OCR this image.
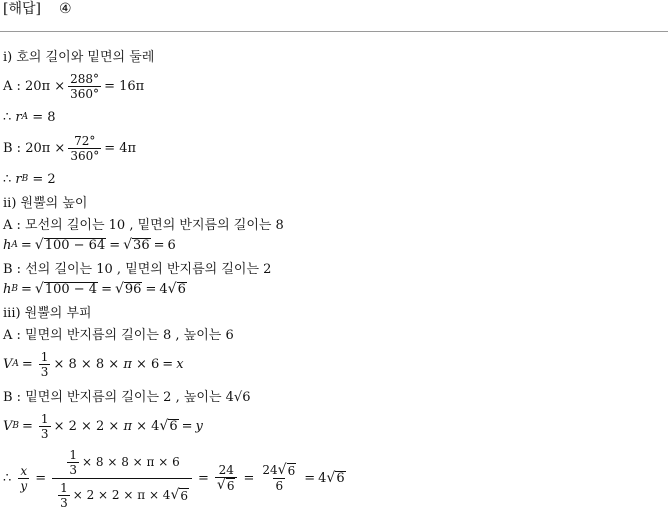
[해답] ④
i) 호의 길이와 밑면의 둘레
A : $20\pi \times \frac{288^\circ}{360^\circ} = 16\pi$
∴ r A = 8
B : $20\pi \times \frac{72^\circ}{360^\circ} = 4\pi$
∴ r B = 2
ii) 원뿔의 높이
A : 모선의 길이는 10 , 밑면의 반지름의 길이는 8
h A = √ 100 − 64 = √ 36 = 6
B : 선의 길이는 10 , 밑면의 반지름의 길이는 2
h B = √ 100 − 4 = √ 96 = 4 √ 6
iii) 원뿔의 부피
A : 밑면의 반지름의 길이는 8 , 높이는 6
V $A = \frac{1}{3} \times 8 \times 8 \times \pi \times 6 = x$
B : 밑면의 반지름의 길이는 2 , 높이는 4√6
V $B = \frac{1}{3} \times 2 \times 2 \times \pi \times 4$ √ 6 = y
∴ $\frac{x}{y} = \frac{\frac{1}{3} \times 8 \times 8 \times \pi \times 6}{\frac{1}{3} \times 2 \times 2 \times \pi \times 4 √ 6} = \frac{24}{√ 6} = \frac{24 √ 6}{6} = 4$ √ 6
